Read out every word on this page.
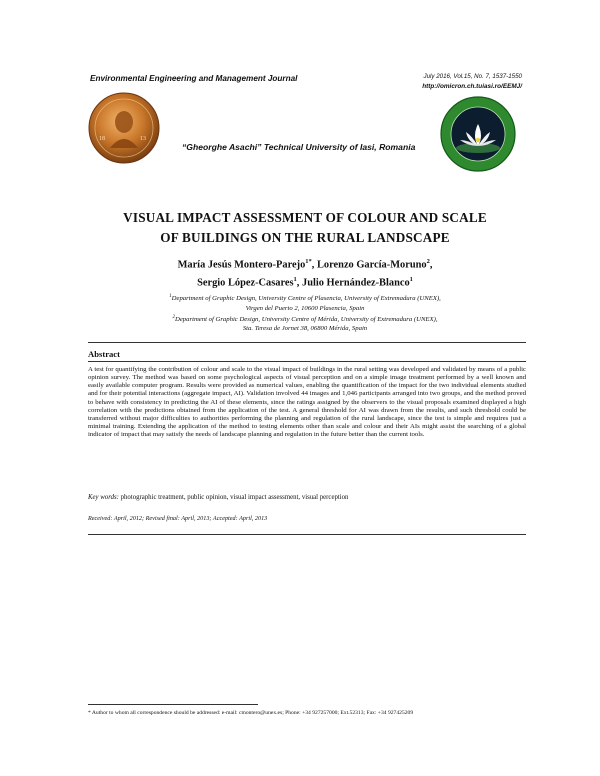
Environmental Engineering and Management Journal	July 2016, Vol.15, No. 7, 1537-1550
http://omicron.ch.tuiasi.ro/EEMJ/
18	13
“Gheorghe Asachi” Technical University of Iasi, Romania
VISUAL IMPACT ASSESSMENT OF COLOUR AND SCALE
OF BUILDINGS ON THE RURAL LANDSCAPE
María Jesús Montero-Parejo$^{1*}$, Lorenzo García-Moruno$^2$,
Sergio López-Casares$^1$, Julio Hernández-Blanco$^1$
$^1$Department of Graphic Design, University Centre of Plasencia, University of Extremadura (UNEX),
Virgen del Puerto 2, 10600 Plasencia, Spain
$^2$Department of Graphic Design, University Centre of Mérida, University of Extremadura (UNEX),
Sta. Teresa de Jornet 38, 06800 Mérida, Spain
Abstract
A test for quantifying the contribution of colour and scale to the visual impact of buildings in the rural setting was developed and validated by means of a public opinion survey. The method was based on some psychological aspects of visual perception and on a simple image treatment performed by a well known and easily available computer program. Results were provided as numerical values, enabling the quantification of the impact for the two individual elements studied and for their potential interactions (aggregate impact, AI). Validation involved 44 images and 1,046 participants arranged into two groups, and the method proved to behave with consistency in predicting the AI of these elements, since the ratings assigned by the observers to the visual proposals examined displayed a high correlation with the predictions obtained from the application of the test. A general threshold for AI was drawn from the results, and such threshold could be transferred without major difficulties to authorities performing the planning and regulation of the rural landscape, since the test is simple and requires just a minimal training. Extending the application of the method to testing elements other than scale and colour and their AIs might assist the searching of a global indicator of impact that may satisfy the needs of landscape planning and regulation in the future better than the current tools.
Key words: photographic treatment, public opinion, visual impact assessment, visual perception
Received: April, 2012; Revised final: April, 2013; Accepted: April, 2013
* Author to whom all correspondence should be addressed: e-mail: cmontero@unex.es; Phone: +34 927257000; Ext.52313; Fax: +34 927425209
